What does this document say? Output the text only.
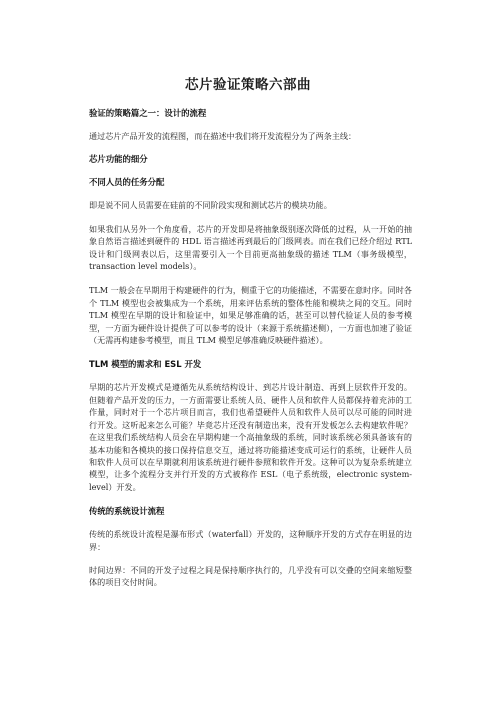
芯片验证策略六部曲

验证的策略篇之一：设计的流程

通过芯片产品开发的流程图，而在描述中我们将开发流程分为了两条主线：

芯片功能的细分

不同人员的任务分配

即是说不同人员需要在硅前的不同阶段实现和测试芯片的模块功能。

如果我们从另外一个角度看，芯片的开发即是将抽象级别逐次降低的过程，从一开始的抽象自然语言描述到硬件的 HDL 语言描述再到最后的门级网表。而在我们已经介绍过 RTL 设计和门级网表以后，这里需要引入一个目前更高抽象级的描述 TLM（事务级模型，transaction level models）。

TLM 一般会在早期用于构建硬件的行为，侧重于它的功能描述，不需要在意时序。同时各个 TLM 模型也会被集成为一个系统，用来评估系统的整体性能和模块之间的交互。同时 TLM 模型在早期的设计和验证中，如果足够准确的话，甚至可以替代验证人员的参考模型，一方面为硬件设计提供了可以参考的设计（来源于系统描述侧），一方面也加速了验证（无需再构建参考模型，而且 TLM 模型足够准确反映硬件描述）。

TLM 模型的需求和 ESL 开发

早期的芯片开发模式是遵循先从系统结构设计、到芯片设计制造、再到上层软件开发的。但随着产品开发的压力，一方面需要让系统人员、硬件人员和软件人员都保持着充沛的工作量，同时对于一个芯片项目而言，我们也希望硬件人员和软件人员可以尽可能的同时进行开发。这听起来怎么可能？毕竟芯片还没有制造出来，没有开发板怎么去构建软件呢？在这里我们系统结构人员会在早期构建一个高抽象级的系统，同时该系统必须具备该有的基本功能和各模块的接口保持信息交互，通过将功能描述变成可运行的系统，让硬件人员和软件人员可以在早期就利用该系统进行硬件参照和软件开发。这种可以为复杂系统建立模型，让多个流程分支并行开发的方式被称作 ESL（电子系统级，electronic system-level）开发。

传统的系统设计流程

传统的系统设计流程是瀑布形式（waterfall）开发的，这种顺序开发的方式存在明显的边界：

时间边界：不同的开发子过程之间是保持顺序执行的，几乎没有可以交叠的空间来缩短整体的项目交付时间。
